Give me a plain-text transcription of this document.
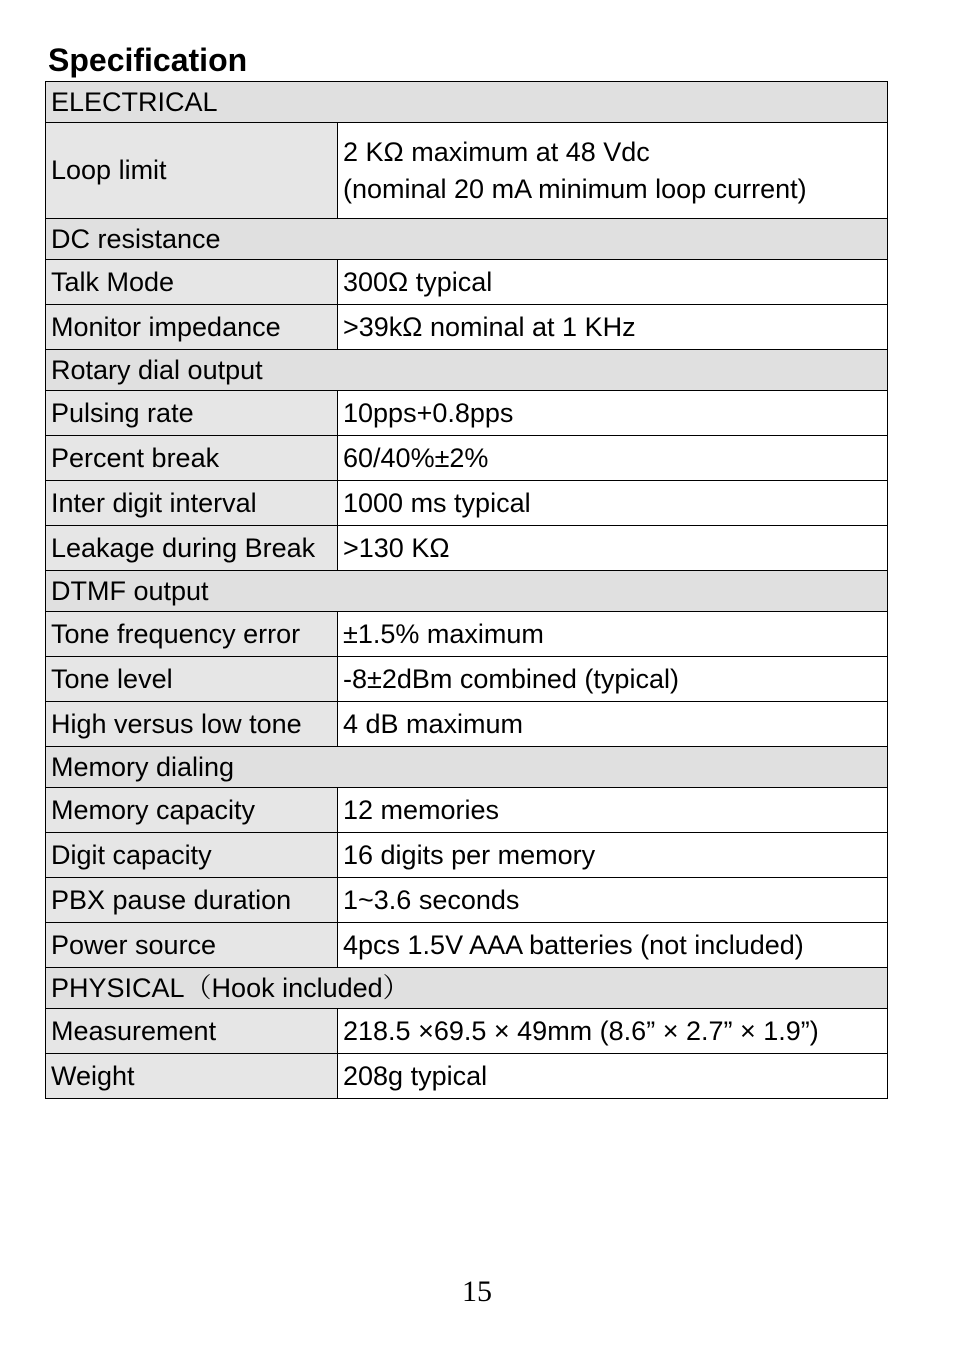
Specification
ELECTRICAL	
Loop limit	2 KΩ maximum at 48 Vdc
(nominal 20 mA minimum loop current)

DC resistance	
Talk Mode	300Ω typical
Monitor impedance	>39kΩ nominal at 1 KHz
Rotary dial output	
Pulsing rate	10pps+0.8pps
Percent break	60/40%±2%
Inter digit interval	1000 ms typical
Leakage during Break	>130 KΩ
DTMF output	
Tone frequency error	±1.5% maximum
Tone level	-8±2dBm combined (typical)
High versus low tone	4 dB maximum
Memory dialing	
Memory capacity	12 memories
Digit capacity	16 digits per memory
PBX pause duration	1~3.6 seconds
Power source	4pcs 1.5V AAA batteries (not included)
PHYSICAL（Hook included）	
Measurement	218.5 ×69.5 × 49mm (8.6” × 2.7” × 1.9”)
Weight	208g typical
15
